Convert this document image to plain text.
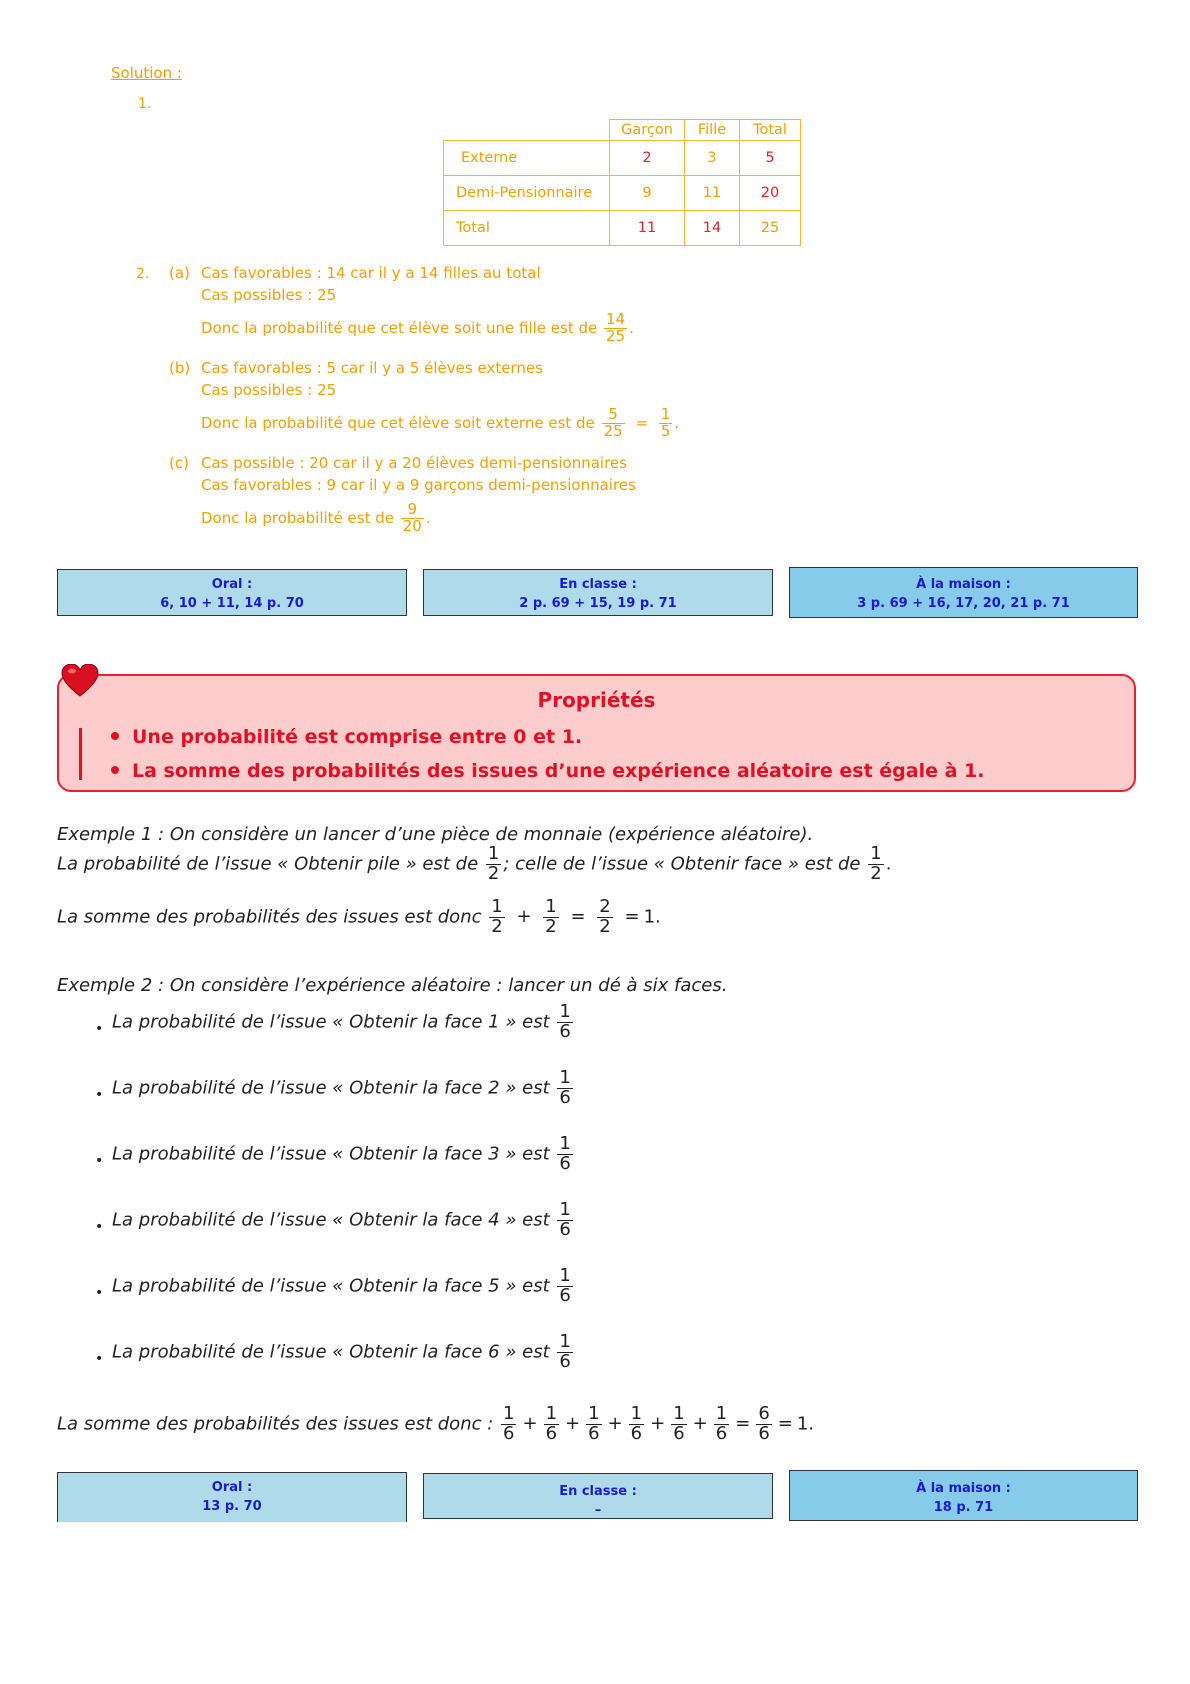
Solution :
1.
	Garçon	Fille	Total
Externe	2	3	5
Demi-Pensionnaire	9	11	20
Total	11	14	25
2. (a) Cas favorables : 14 car il y a 14 filles au total
Cas possibles : 25
Donc la probabilité que cet élève soit une fille est de $\frac{14}{25}$ .
(b) Cas favorables : 5 car il y a 5 élèves externes
Cas possibles : 25
Donc la probabilité que cet élève soit externe est de $\frac{5}{25} = \frac{1}{5}$ .
(c) Cas possible : 20 car il y a 20 élèves demi-pensionnaires
Cas favorables : 9 car il y a 9 garçons demi-pensionnaires
Donc la probabilité est de $\frac{9}{20}$ .
Oral :
6, 10 + 11, 14 p. 70
En classe :
2 p. 69 + 15, 19 p. 71
À la maison :
3 p. 69 + 16, 17, 20, 21 p. 71
Propriétés
Une probabilité est comprise entre 0 et 1.
La somme des probabilités des issues d’une expérience aléatoire est égale à 1.
Exemple 1 : On considère un lancer d’une pièce de monnaie (expérience aléatoire).
La probabilité de l’issue « Obtenir pile » est de $\frac{1}{2}$ ; celle de l’issue « Obtenir face » est de $\frac{1}{2}$ .
La somme des probabilités des issues est donc $\frac{1}{2} + \frac{1}{2} = \frac{2}{2} = 1$.
Exemple 2 : On considère l’expérience aléatoire : lancer un dé à six faces.
• La probabilité de l’issue « Obtenir la face 1 » est $\frac{1}{6}$
• La probabilité de l’issue « Obtenir la face 2 » est $\frac{1}{6}$
• La probabilité de l’issue « Obtenir la face 3 » est $\frac{1}{6}$
• La probabilité de l’issue « Obtenir la face 4 » est $\frac{1}{6}$
• La probabilité de l’issue « Obtenir la face 5 » est $\frac{1}{6}$
• La probabilité de l’issue « Obtenir la face 6 » est $\frac{1}{6}$
La somme des probabilités des issues est donc : $\frac{1}{6} + \frac{1}{6} + \frac{1}{6} + \frac{1}{6} + \frac{1}{6} + \frac{1}{6} = \frac{6}{6} = 1$.
Oral :
13 p. 70
En classe :
–
À la maison :
18 p. 71
